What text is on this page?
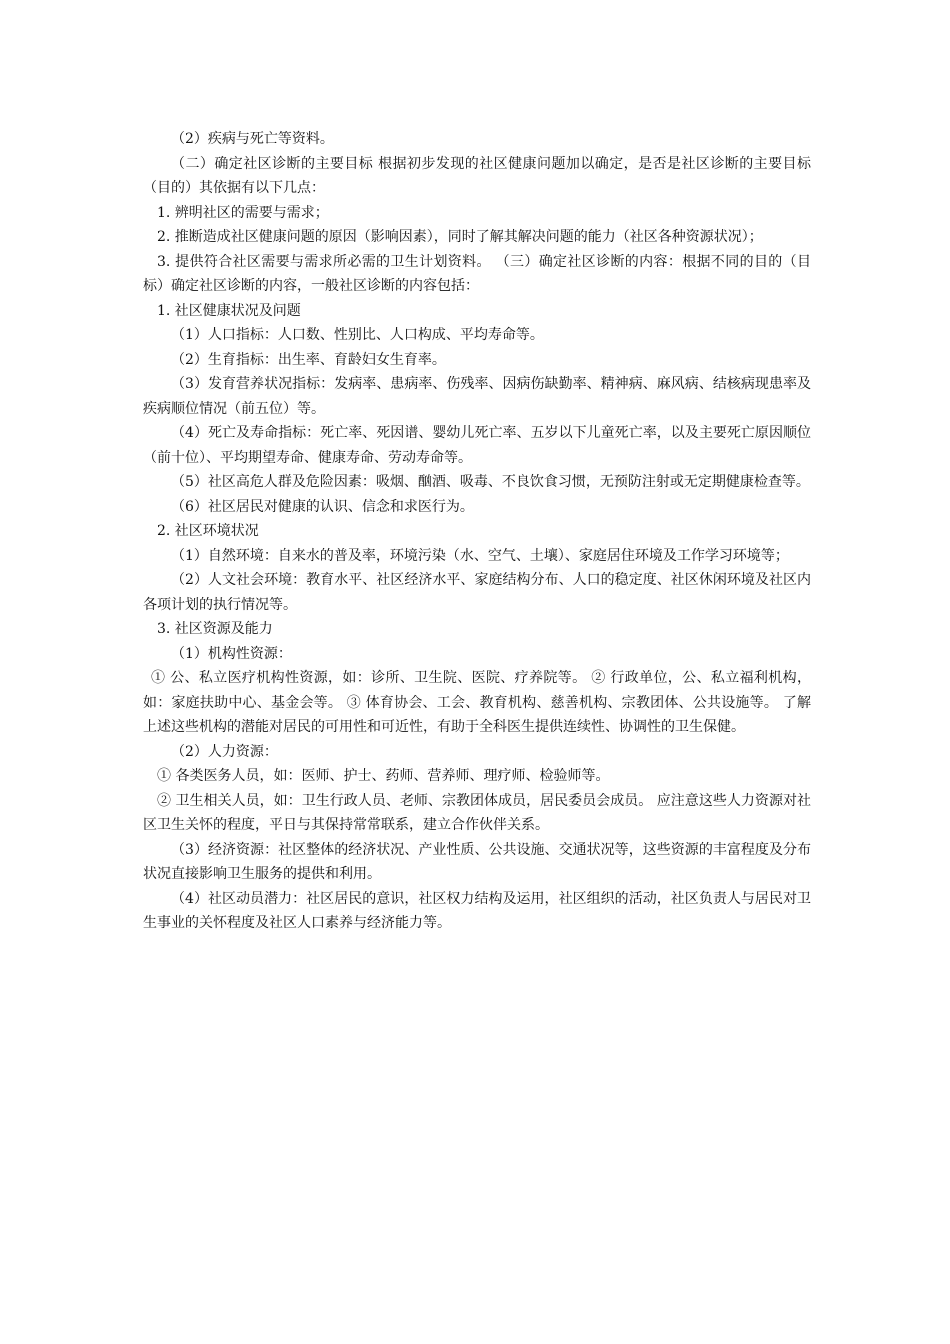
（2）疾病与死亡等资料。

（二）确定社区诊断的主要目标 根据初步发现的社区健康问题加以确定，是否是社区诊断的主要目标（目的）其依据有以下几点：

1. 辨明社区的需要与需求；

2. 推断造成社区健康问题的原因（影响因素），同时了解其解决问题的能力（社区各种资源状况）；

3. 提供符合社区需要与需求所必需的卫生计划资料。 （三）确定社区诊断的内容：根据不同的目的（目标）确定社区诊断的内容，一般社区诊断的内容包括：

1. 社区健康状况及问题

（1）人口指标：人口数、性别比、人口构成、平均寿命等。

（2）生育指标：出生率、育龄妇女生育率。

（3）发育营养状况指标：发病率、患病率、伤残率、因病伤缺勤率、精神病、麻风病、结核病现患率及疾病顺位情况（前五位）等。

（4）死亡及寿命指标：死亡率、死因谱、婴幼儿死亡率、五岁以下儿童死亡率，以及主要死亡原因顺位（前十位）、平均期望寿命、健康寿命、劳动寿命等。

（5）社区高危人群及危险因素：吸烟、酗酒、吸毒、不良饮食习惯，无预防注射或无定期健康检查等。

（6）社区居民对健康的认识、信念和求医行为。

2. 社区环境状况

（1）自然环境：自来水的普及率，环境污染（水、空气、土壤）、家庭居住环境及工作学习环境等；

（2）人文社会环境：教育水平、社区经济水平、家庭结构分布、人口的稳定度、社区休闲环境及社区内各项计划的执行情况等。

3. 社区资源及能力

（1）机构性资源：

① 公、私立医疗机构性资源，如：诊所、卫生院、医院、疗养院等。 ② 行政单位，公、私立福利机构，如：家庭扶助中心、基金会等。 ③ 体育协会、工会、教育机构、慈善机构、宗教团体、公共设施等。 了解上述这些机构的潜能对居民的可用性和可近性，有助于全科医生提供连续性、协调性的卫生保健。

（2）人力资源：

① 各类医务人员，如：医师、护士、药师、营养师、理疗师、检验师等。

② 卫生相关人员，如：卫生行政人员、老师、宗教团体成员，居民委员会成员。 应注意这些人力资源对社区卫生关怀的程度，平日与其保持常常联系，建立合作伙伴关系。

（3）经济资源：社区整体的经济状况、产业性质、公共设施、交通状况等，这些资源的丰富程度及分布状况直接影响卫生服务的提供和利用。

（4）社区动员潜力：社区居民的意识，社区权力结构及运用，社区组织的活动，社区负责人与居民对卫生事业的关怀程度及社区人口素养与经济能力等。
